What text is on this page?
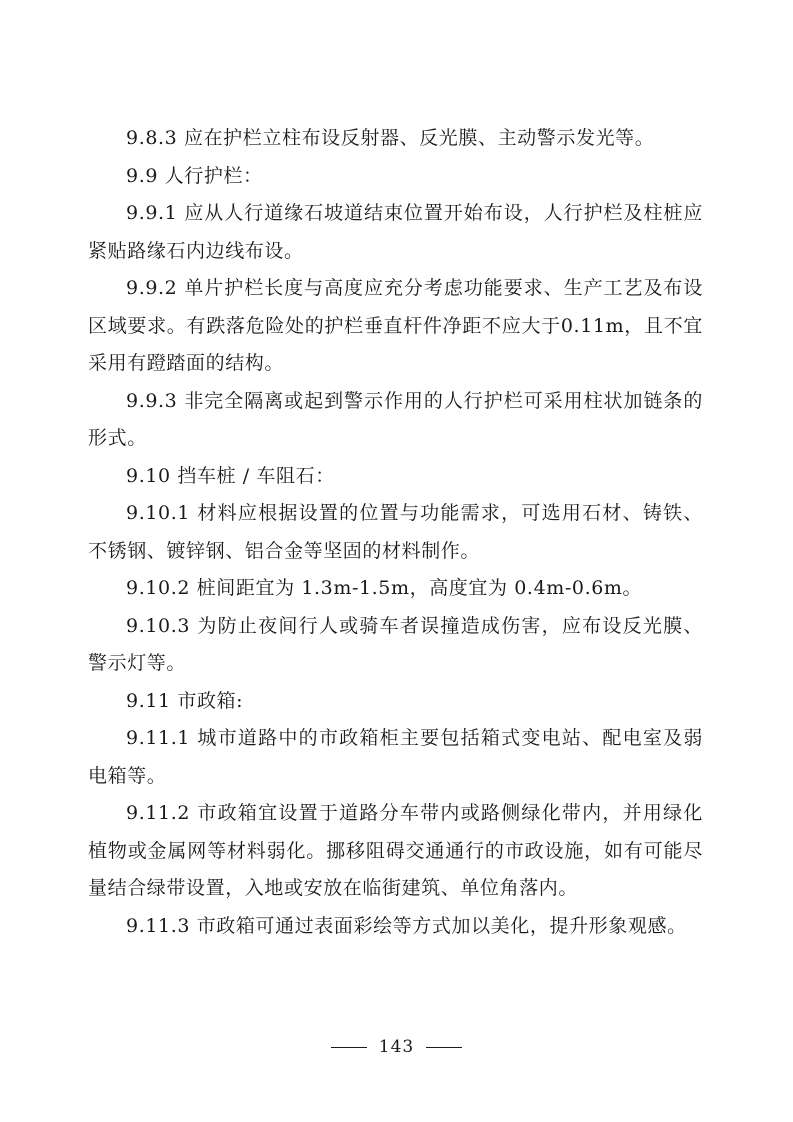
9.8.3 应在护栏立柱布设反射器、反光膜、主动警示发光等。

9.9 人行护栏：

9.9.1 应从人行道缘石坡道结束位置开始布设，人行护栏及柱桩应紧贴路缘石内边线布设。

9.9.2 单片护栏长度与高度应充分考虑功能要求、生产工艺及布设区域要求。有跌落危险处的护栏垂直杆件净距不应大于0.11m，且不宜采用有蹬踏面的结构。

9.9.3 非完全隔离或起到警示作用的人行护栏可采用柱状加链条的形式。

9.10 挡车桩 / 车阻石：

9.10.1 材料应根据设置的位置与功能需求，可选用石材、铸铁、不锈钢、镀锌钢、铝合金等坚固的材料制作。

9.10.2 桩间距宜为 1.3m-1.5m，高度宜为 0.4m-0.6m。

9.10.3 为防止夜间行人或骑车者误撞造成伤害，应布设反光膜、警示灯等。

9.11 市政箱:

9.11.1 城市道路中的市政箱柜主要包括箱式变电站、配电室及弱电箱等。

9.11.2 市政箱宜设置于道路分车带内或路侧绿化带内，并用绿化植物或金属网等材料弱化。挪移阻碍交通通行的市政设施，如有可能尽量结合绿带设置，入地或安放在临街建筑、单位角落内。

9.11.3 市政箱可通过表面彩绘等方式加以美化，提升形象观感。

143
